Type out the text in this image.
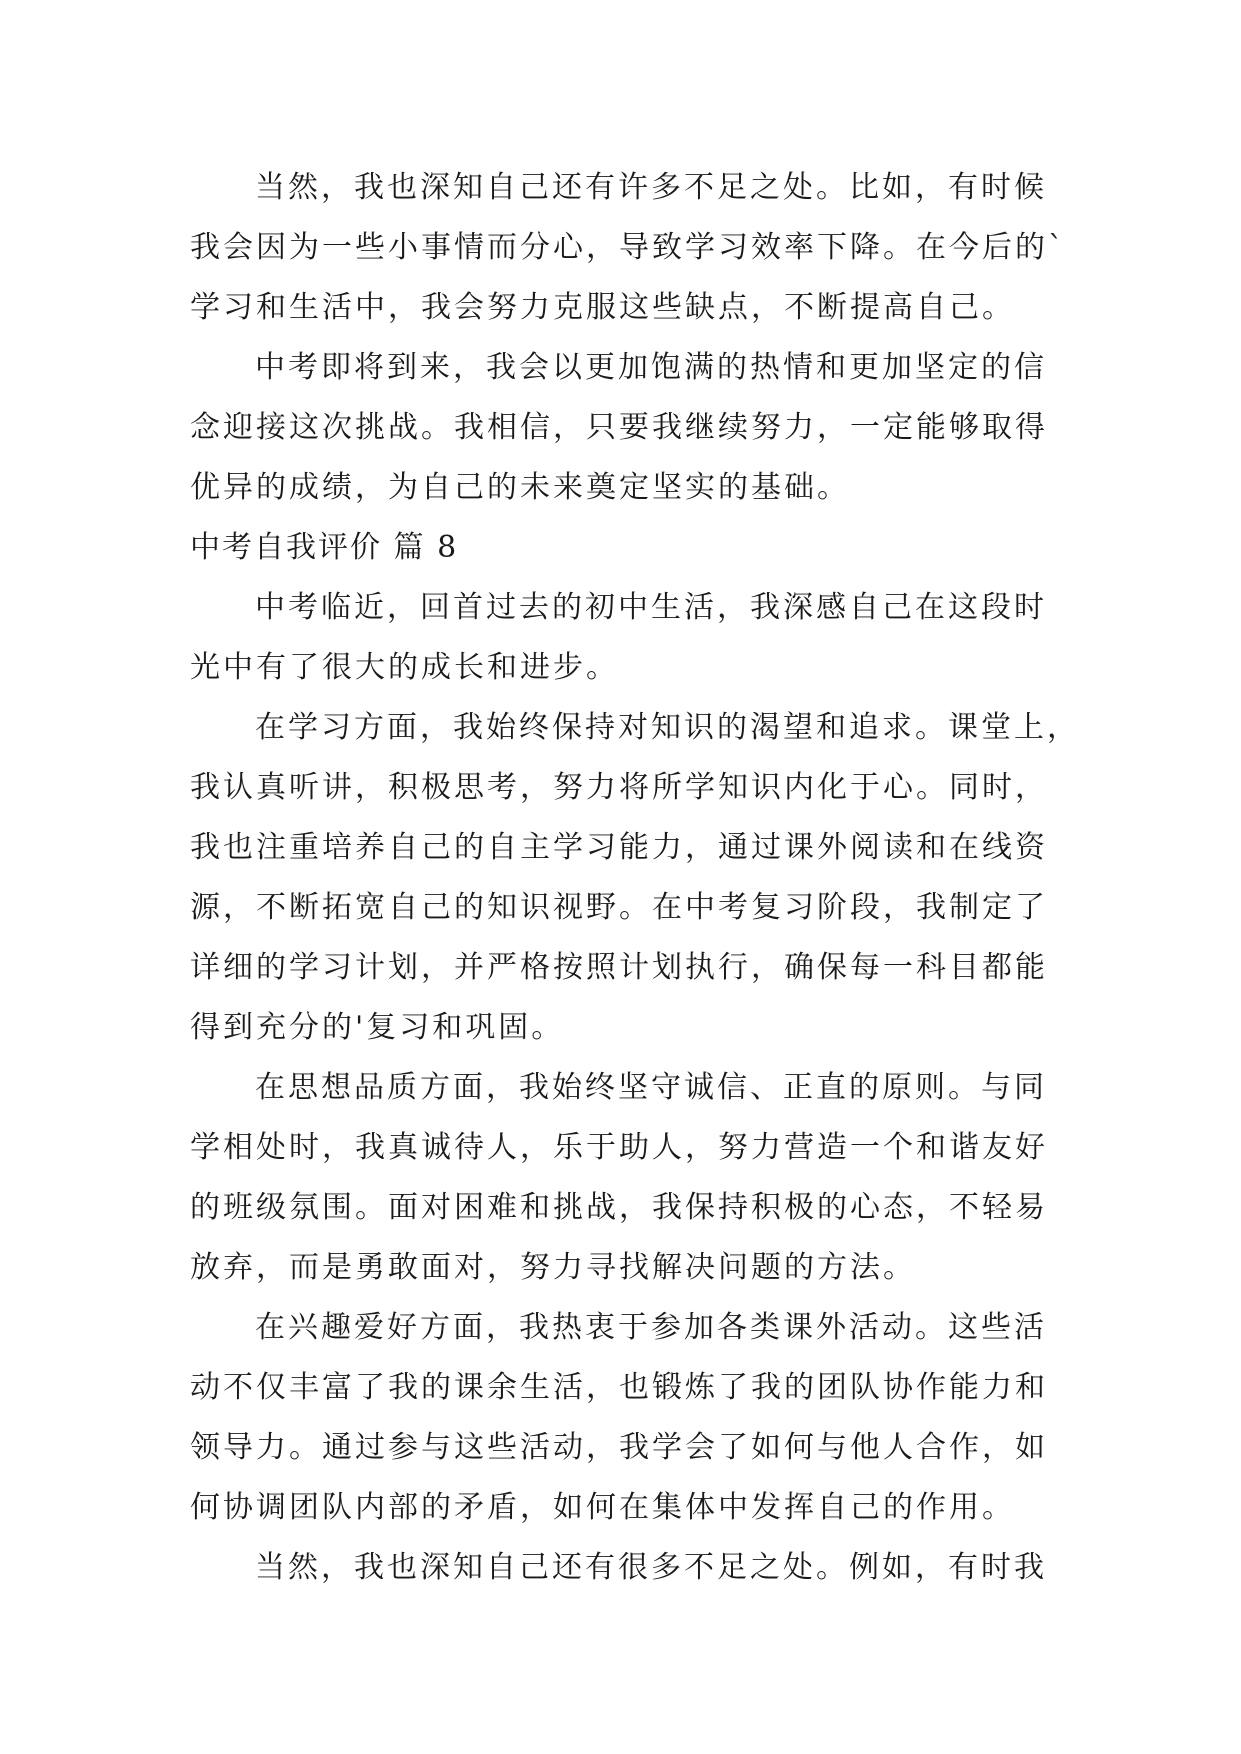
当然，我也深知自己还有许多不足之处。比如，有时候
我会因为一些小事情而分心，导致学习效率下降。在今后的`
学习和生活中，我会努力克服这些缺点，不断提高自己。
中考即将到来，我会以更加饱满的热情和更加坚定的信
念迎接这次挑战。我相信，只要我继续努力，一定能够取得
优异的成绩，为自己的未来奠定坚实的基础。
中考自我评价 篇 8
中考临近，回首过去的初中生活，我深感自己在这段时
光中有了很大的成长和进步。
在学习方面，我始终保持对知识的渴望和追求。课堂上，
我认真听讲，积极思考，努力将所学知识内化于心。同时，
我也注重培养自己的自主学习能力，通过课外阅读和在线资
源，不断拓宽自己的知识视野。在中考复习阶段，我制定了
详细的学习计划，并严格按照计划执行，确保每一科目都能
得到充分的'复习和巩固。
在思想品质方面，我始终坚守诚信、正直的原则。与同
学相处时，我真诚待人，乐于助人，努力营造一个和谐友好
的班级氛围。面对困难和挑战，我保持积极的心态，不轻易
放弃，而是勇敢面对，努力寻找解决问题的方法。
在兴趣爱好方面，我热衷于参加各类课外活动。这些活
动不仅丰富了我的课余生活，也锻炼了我的团队协作能力和
领导力。通过参与这些活动，我学会了如何与他人合作，如
何协调团队内部的矛盾，如何在集体中发挥自己的作用。
当然，我也深知自己还有很多不足之处。例如，有时我
